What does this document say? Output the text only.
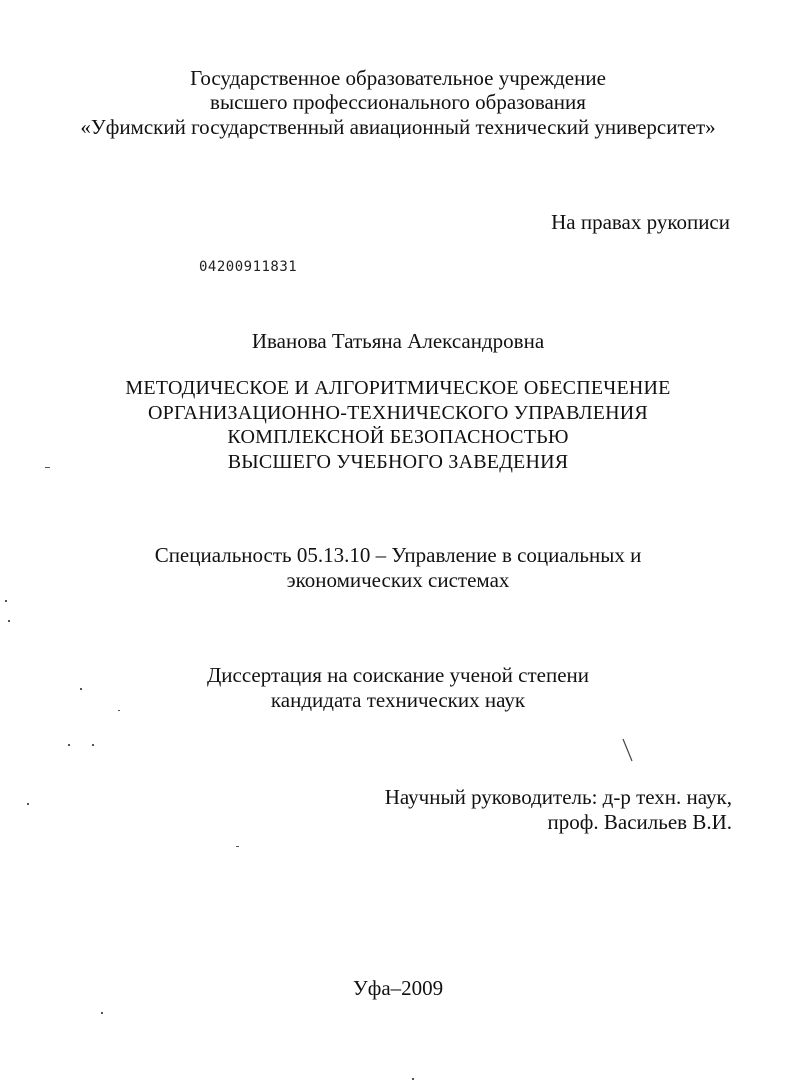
Государственное образовательное учреждение
высшего профессионального образования
«Уфимский государственный авиационный технический университет»
На правах рукописи
04200911831
Иванова Татьяна Александровна
МЕТОДИЧЕСКОЕ И АЛГОРИТМИЧЕСКОЕ ОБЕСПЕЧЕНИЕ
ОРГАНИЗАЦИОННО-ТЕХНИЧЕСКОГО УПРАВЛЕНИЯ
КОМПЛЕКСНОЙ БЕЗОПАСНОСТЬЮ
ВЫСШЕГО УЧЕБНОГО ЗАВЕДЕНИЯ
Специальность 05.13.10 – Управление в социальных и
экономических системах
Диссертация на соискание ученой степени
кандидата технических наук
Научный руководитель: д-р техн. наук,
проф. Васильев В.И.
Уфа–2009
